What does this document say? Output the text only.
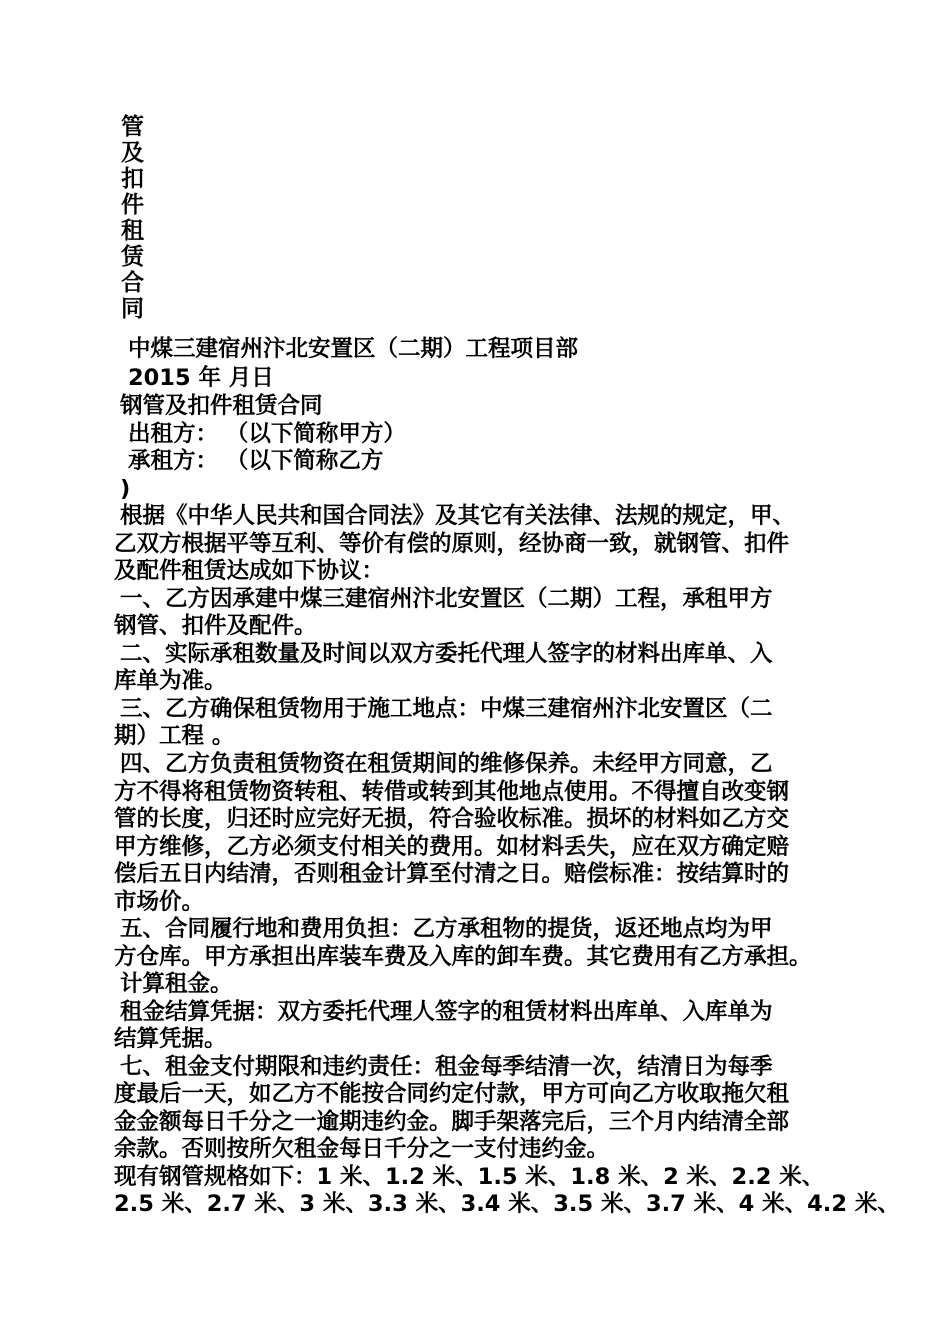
管
及
扣
件
租
赁
合
同
中煤三建宿州汴北安置区（二期）工程项目部
2015 年 月日
钢管及扣件租赁合同
出租方： （以下简称甲方）
承租方： （以下简称乙方
)
根据《中华人民共和国合同法》及其它有关法律、法规的规定，甲、
乙双方根据平等互利、等价有偿的原则，经协商一致，就钢管、扣件
及配件租赁达成如下协议：
一、乙方因承建中煤三建宿州汴北安置区（二期）工程，承租甲方
钢管、扣件及配件。
二、实际承租数量及时间以双方委托代理人签字的材料出库单、入
库单为准。
三、乙方确保租赁物用于施工地点：中煤三建宿州汴北安置区（二
期）工程 。
四、乙方负责租赁物资在租赁期间的维修保养。未经甲方同意，乙
方不得将租赁物资转租、转借或转到其他地点使用。不得擅自改变钢
管的长度，归还时应完好无损，符合验收标准。损坏的材料如乙方交
甲方维修，乙方必须支付相关的费用。如材料丢失，应在双方确定赔
偿后五日内结清，否则租金计算至付清之日。赔偿标准：按结算时的
市场价。
五、合同履行地和费用负担：乙方承租物的提货，返还地点均为甲
方仓库。甲方承担出库装车费及入库的卸车费。其它费用有乙方承担。
计算租金。
租金结算凭据：双方委托代理人签字的租赁材料出库单、入库单为
结算凭据。
七、租金支付期限和违约责任：租金每季结清一次，结清日为每季
度最后一天，如乙方不能按合同约定付款，甲方可向乙方收取拖欠租
金金额每日千分之一逾期违约金。脚手架落完后，三个月内结清全部
余款。否则按所欠租金每日千分之一支付违约金。
现有钢管规格如下：1 米、1.2 米、1.5 米、1.8 米、2 米、2.2 米、
2.5 米、2.7 米、3 米、3.3 米、3.4 米、3.5 米、3.7 米、4 米、4.2 米、
